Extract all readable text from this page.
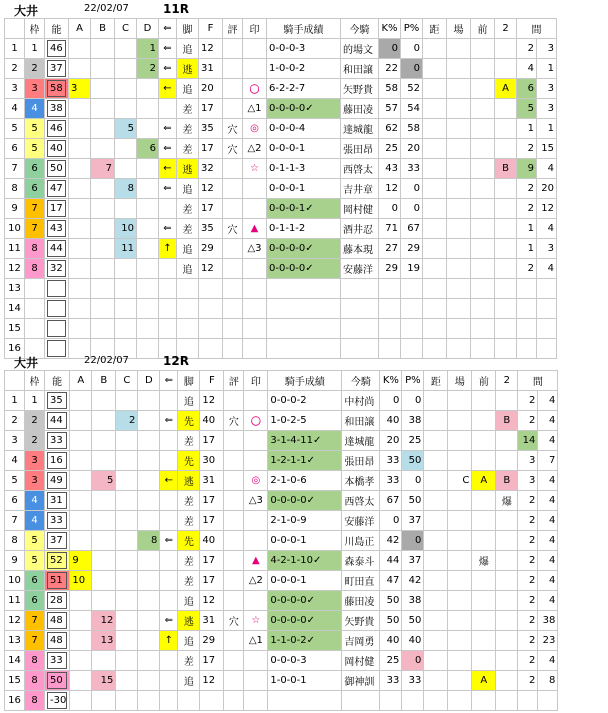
大井	22/02/07	11R
	枠	能	A	B	C	D	⇐	脚	F	評	印	騎手成績	今騎	K%	P%	距	場	前	2	間	
1	1	46				1	⇐	追	12			0-0-0-3	的場文	0	0					2	3
2	2	37				2	⇐	逃	31			1-0-0-2	和田譲	22	0					4	1
3	3	58	3				←	追	20		〇	6-2-2-7	矢野貴	58	52				A	6	3
4	4	38						差	17		△1	0-0-0-0✓	藤田凌	57	54					5	3
5	5	46			5		⇐	差	35	穴	◎	0-0-0-4	達城龍	62	58					1	1
6	5	40				6	⇐	差	17	穴	△2	0-0-0-1	張田昂	25	20					2	15
7	6	50		7			←	逃	32		☆	0-1-1-3	西啓太	43	33				B	9	4
8	6	47			8		⇐	追	12			0-0-0-1	吉井章	12	0					2	20
9	7	17						差	17			0-0-0-1✓	岡村健	0	0					2	12
10	7	43			10		⇐	差	35	穴	▲	0-1-1-2	酒井忍	71	67					1	4
11	8	44			11		↑	追	29		△3	0-0-0-0✓	藤本現	27	29					1	3
12	8	32						追	12			0-0-0-0✓	安藤洋	29	19					2	4
13		

14		

15		

16		

大井	22/02/07	12R
	枠	能	A	B	C	D	⇐	脚	F	評	印	騎手成績	今騎	K%	P%	距	場	前	2	間	
1	1	35						追	12			0-0-0-2	中村尚	0	0					2	4
2	2	44			2		⇐	先	40	穴	〇	1-0-2-5	和田譲	40	38				B	2	4
3	2	33						差	17			3-1-4-11✓	達城龍	20	25					14	4
4	3	16						先	30			1-2-1-1✓	張田昂	33	50					3	7
5	3	49		5			←	逃	31		◎	2-1-0-6	本橋孝	33	0		C	A	B	3	4
6	4	31						差	17		△3	0-0-0-0✓	西啓太	67	50				爆	2	4
7	4	33						差	17			2-1-0-9	安藤洋	0	37					2	4
8	5	37				8	⇐	先	40			0-0-0-1	川島正	42	0					2	4
9	5	52	9					差	17		▲	4-2-1-10✓	森泰斗	44	37			爆		2	4
10	6	51	10					差	17		△2	0-0-0-1	町田直	47	42					2	4
11	6	28						追	12			0-0-0-0✓	藤田凌	50	38					2	4
12	7	48		12			⇐	逃	31	穴	☆	0-0-0-0✓	矢野貴	50	50					2	38
13	7	48		13			↑	追	29		△1	1-1-0-2✓	吉岡勇	40	40					2	23
14	8	33						差	17			0-0-0-3	岡村健	25	0					2	4
15	8	50		15				追	12			1-0-0-1	御神訓	33	33			A		2	8
16	8	-30																			
